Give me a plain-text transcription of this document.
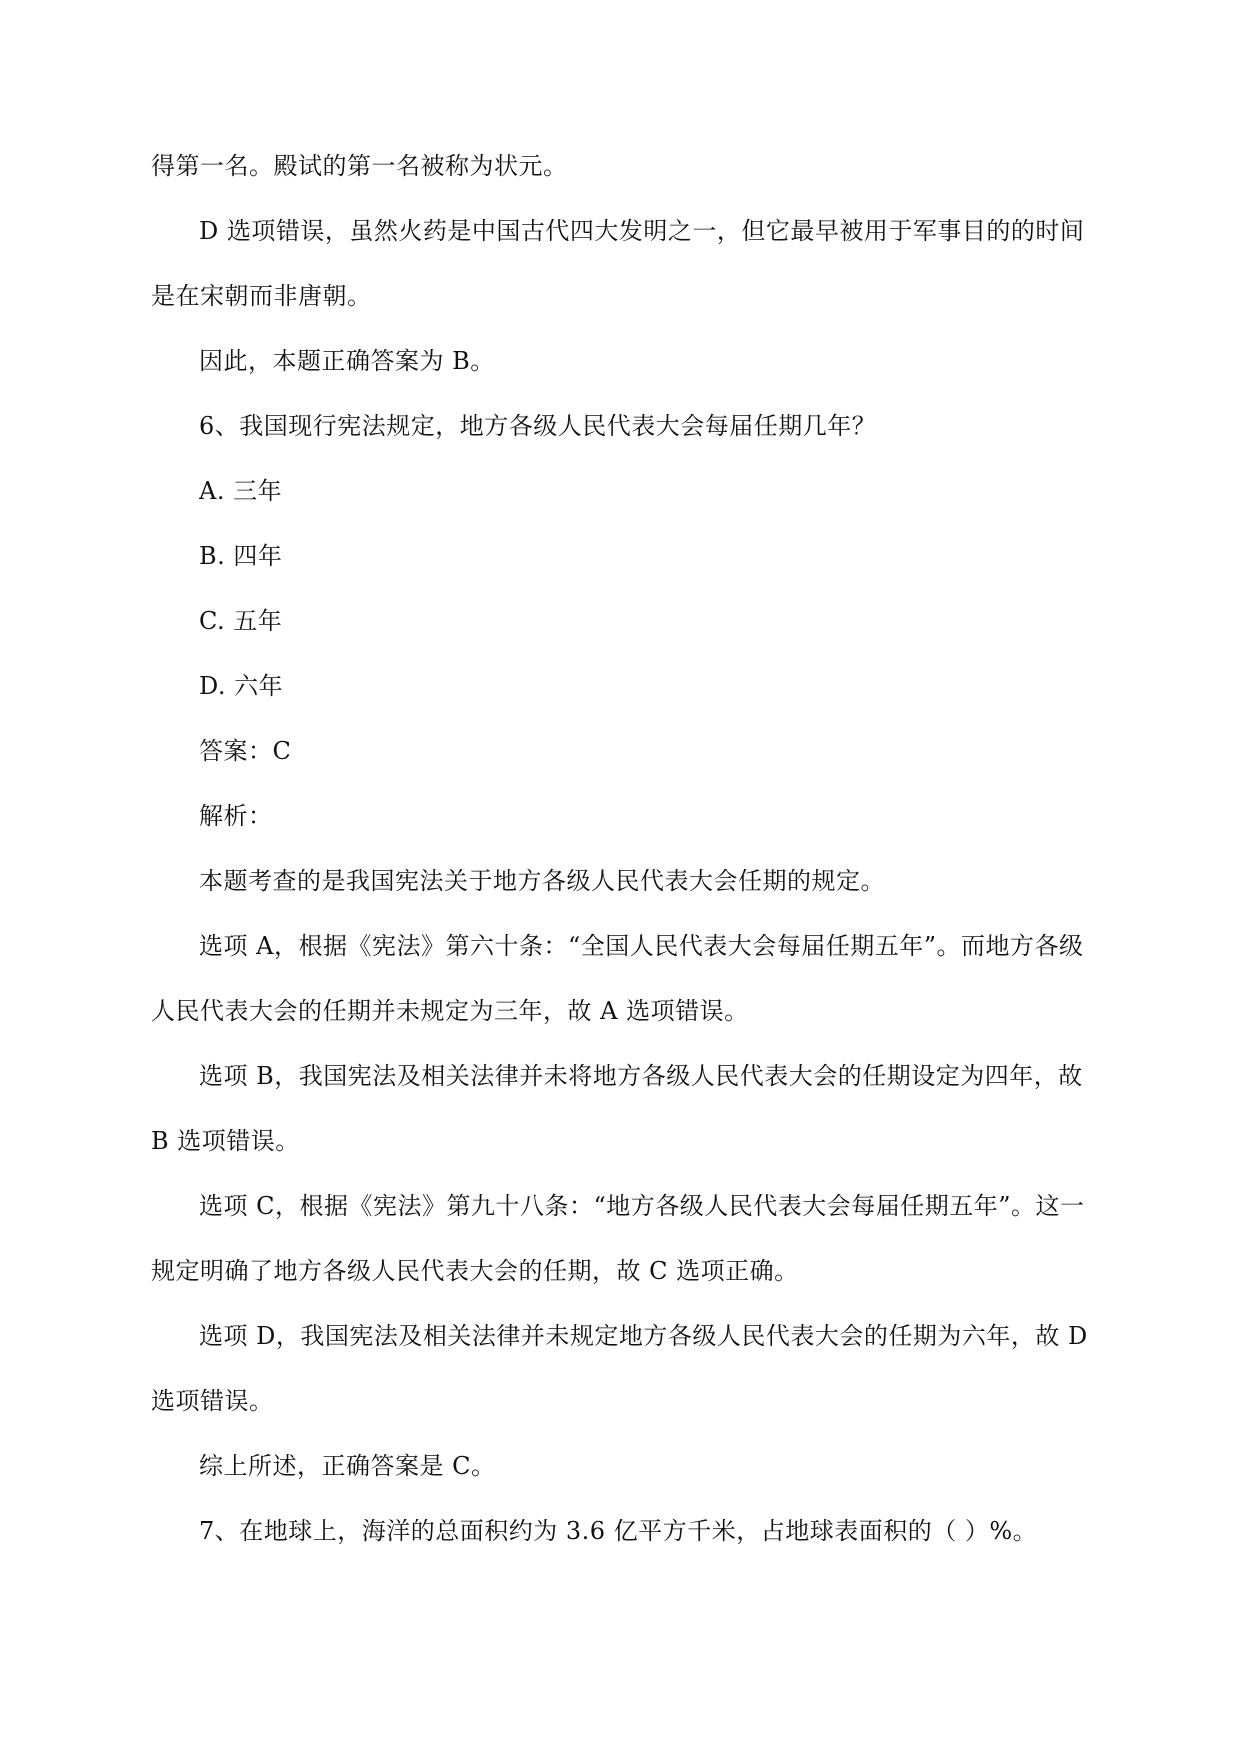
得第一名。殿试的第一名被称为状元。
D 选项错误，虽然火药是中国古代四大发明之一，但它最早被用于军事目的的时间
是在宋朝而非唐朝。
因此，本题正确答案为 B。
6、我国现行宪法规定，地方各级人民代表大会每届任期几年？
A. 三年
B. 四年
C. 五年
D. 六年
答案：C
解析：
本题考查的是我国宪法关于地方各级人民代表大会任期的规定。
选项 A，根据《宪法》第六十条：“全国人民代表大会每届任期五年”。而地方各级
人民代表大会的任期并未规定为三年，故 A 选项错误。
选项 B，我国宪法及相关法律并未将地方各级人民代表大会的任期设定为四年，故
B 选项错误。
选项 C，根据《宪法》第九十八条：“地方各级人民代表大会每届任期五年”。这一
规定明确了地方各级人民代表大会的任期，故 C 选项正确。
选项 D，我国宪法及相关法律并未规定地方各级人民代表大会的任期为六年，故 D
选项错误。
综上所述，正确答案是 C。
7、在地球上，海洋的总面积约为 3.6 亿平方千米，占地球表面积的（ ）%。
